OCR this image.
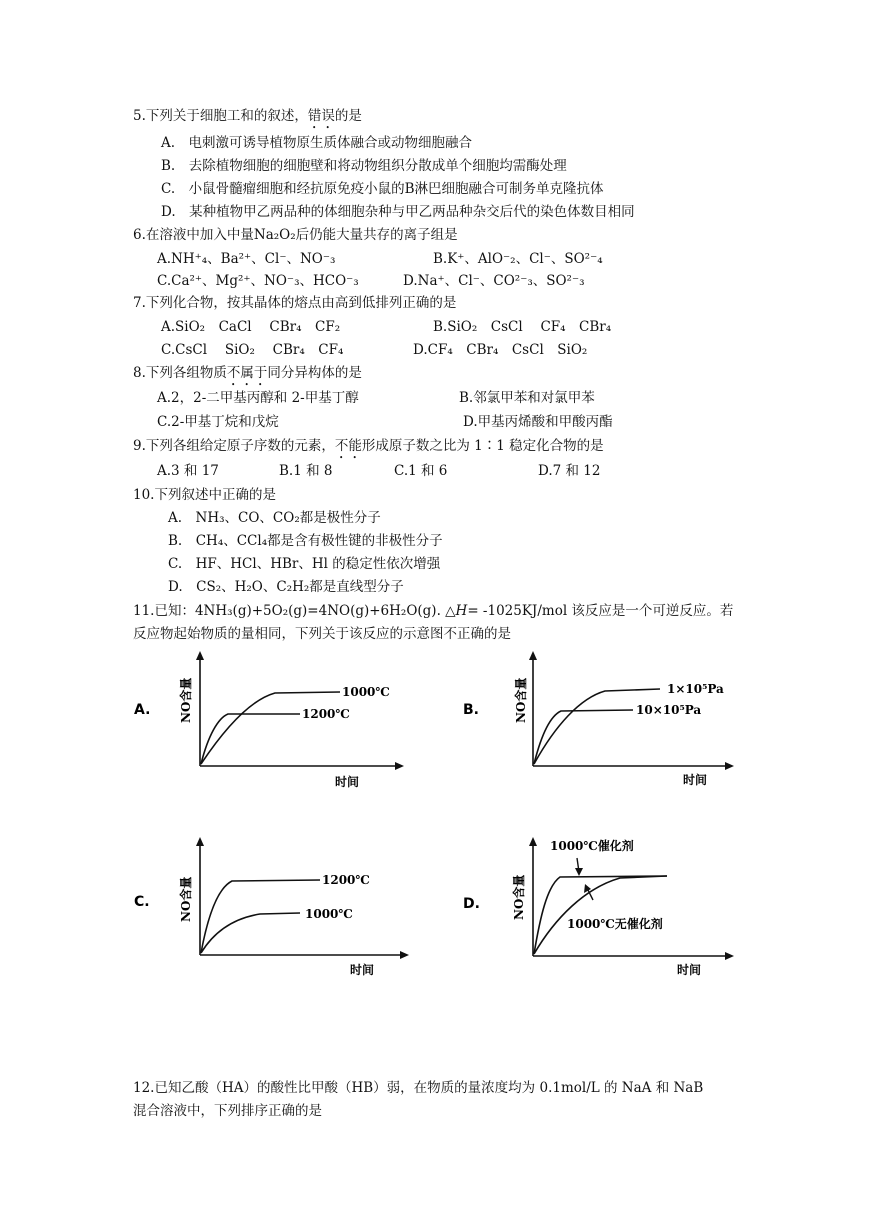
5.下列关于细胞工和的叙述，错误的是
A.　电刺激可诱导植物原生质体融合或动物细胞融合
B.　去除植物细胞的细胞壁和将动物组织分散成单个细胞均需酶处理
C.　小鼠骨髓瘤细胞和经抗原免疫小鼠的B淋巴细胞融合可制务单克隆抗体
D.　某种植物甲乙两品种的体细胞杂种与甲乙两品种杂交后代的染色体数目相同
6.在溶液中加入中量Na₂O₂后仍能大量共存的离子组是
A.NH⁺₄、Ba²⁺、Cl⁻、NO⁻₃	B.K⁺、AlO⁻₂、Cl⁻、SO²⁻₄
C.Ca²⁺、Mg²⁺、NO⁻₃、HCO⁻₃	D.Na⁺、Cl⁻、CO²⁻₃、SO²⁻₃
7.下列化合物，按其晶体的熔点由高到低排列正确的是
A.SiO₂　CaCl　 CBr₄　CF₂	B.SiO₂　CsCl　 CF₄　CBr₄
C.CsCl　 SiO₂　 CBr₄　CF₄	D.CF₄　CBr₄　CsCl　SiO₂
8.下列各组物质不属于同分异构体的是
A.2，2-二甲基丙醇和 2-甲基丁醇	B.邻氯甲苯和对氯甲苯
C.2-甲基丁烷和戊烷	D.甲基丙烯酸和甲酸丙酯
9.下列各组给定原子序数的元素，不能形成原子数之比为 1∶1 稳定化合物的是
A.3 和 17	B.1 和 8	C.1 和 6	D.7 和 12
10.下列叙述中正确的是
A.　NH₃、CO、CO₂都是极性分子
B.　CH₄、CCl₄都是含有极性键的非极性分子
C.　HF、HCl、HBr、Hl 的稳定性依次增强
D.　CS₂、H₂O、C₂H₂都是直线型分子
11.已知：4NH₃(g)+5O₂(g)=4NO(g)+6H₂O(g). △H= -1025KJ/mol 该反应是一个可逆反应。若
反应物起始物质的量相同，下列关于该反应的示意图不正确的是
A. NO含量
时间
1000℃
1200℃	B.	NO含量
时间
1×10⁵Pa
10×10⁵Pa
C. NO含量
时间
1200℃
1000℃
D.	NO含量
时间
1000℃催化剂
1000℃无催化剂
12.已知乙酸（HA）的酸性比甲酸（HB）弱，在物质的量浓度均为 0.1mol/L 的 NaA 和 NaB
混合溶液中，下列排序正确的是
